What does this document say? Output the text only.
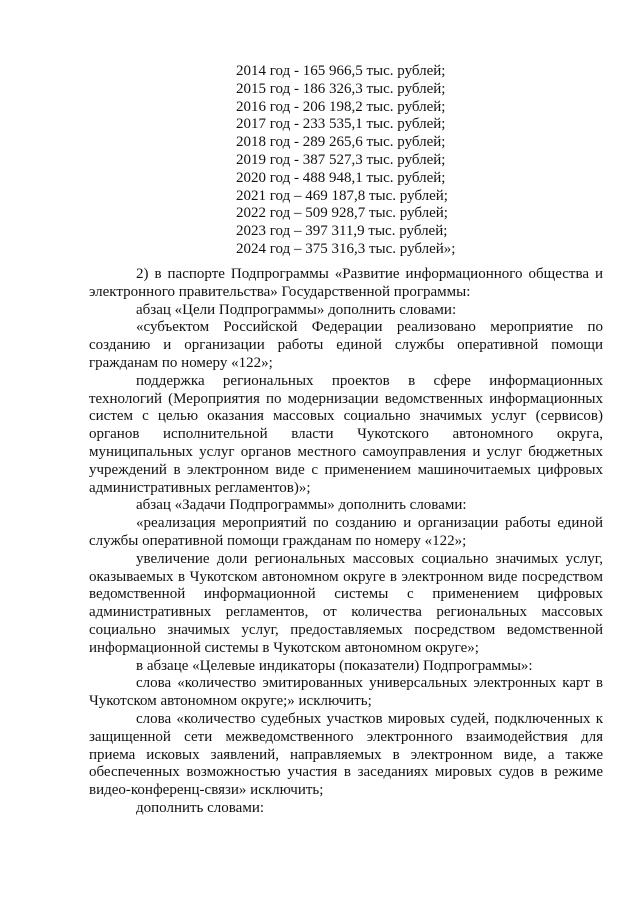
2014 год - 165 966,5 тыс. рублей;
2015 год - 186 326,3 тыс. рублей;
2016 год - 206 198,2 тыс. рублей;
2017 год - 233 535,1 тыс. рублей;
2018 год - 289 265,6 тыс. рублей;
2019 год - 387 527,3 тыс. рублей;
2020 год - 488 948,1 тыс. рублей;
2021 год – 469 187,8 тыс. рублей;
2022 год – 509 928,7 тыс. рублей;
2023 год – 397 311,9 тыс. рублей;
2024 год – 375 316,3 тыс. рублей»;

2) в паспорте Подпрограммы «Развитие информационного общества и электронного правительства» Государственной программы:

абзац «Цели Подпрограммы» дополнить словами:

«субъектом Российской Федерации реализовано мероприятие по созданию и организации работы единой службы оперативной помощи гражданам по номеру «122»;

поддержка региональных проектов в сфере информационных технологий (Мероприятия по модернизации ведомственных информационных систем с целью оказания массовых социально значимых услуг (сервисов) органов исполнительной власти Чукотского автономного округа, муниципальных услуг органов местного самоуправления и услуг бюджетных учреждений в электронном виде с применением машиночитаемых цифровых административных регламентов)»;

абзац «Задачи Подпрограммы» дополнить словами:

«реализация мероприятий по созданию и организации работы единой службы оперативной помощи гражданам по номеру «122»;

увеличение доли региональных массовых социально значимых услуг, оказываемых в Чукотском автономном округе в электронном виде посредством ведомственной информационной системы с применением цифровых административных регламентов, от количества региональных массовых социально значимых услуг, предоставляемых посредством ведомственной информационной системы в Чукотском автономном округе»;

в абзаце «Целевые индикаторы (показатели) Подпрограммы»:

слова «количество эмитированных универсальных электронных карт в Чукотском автономном округе;» исключить;

слова «количество судебных участков мировых судей, подключенных к защищенной сети межведомственного электронного взаимодействия для приема исковых заявлений, направляемых в электронном виде, а также обеспеченных возможностью участия в заседаниях мировых судов в режиме видео-конференц-связи» исключить;

дополнить словами:
